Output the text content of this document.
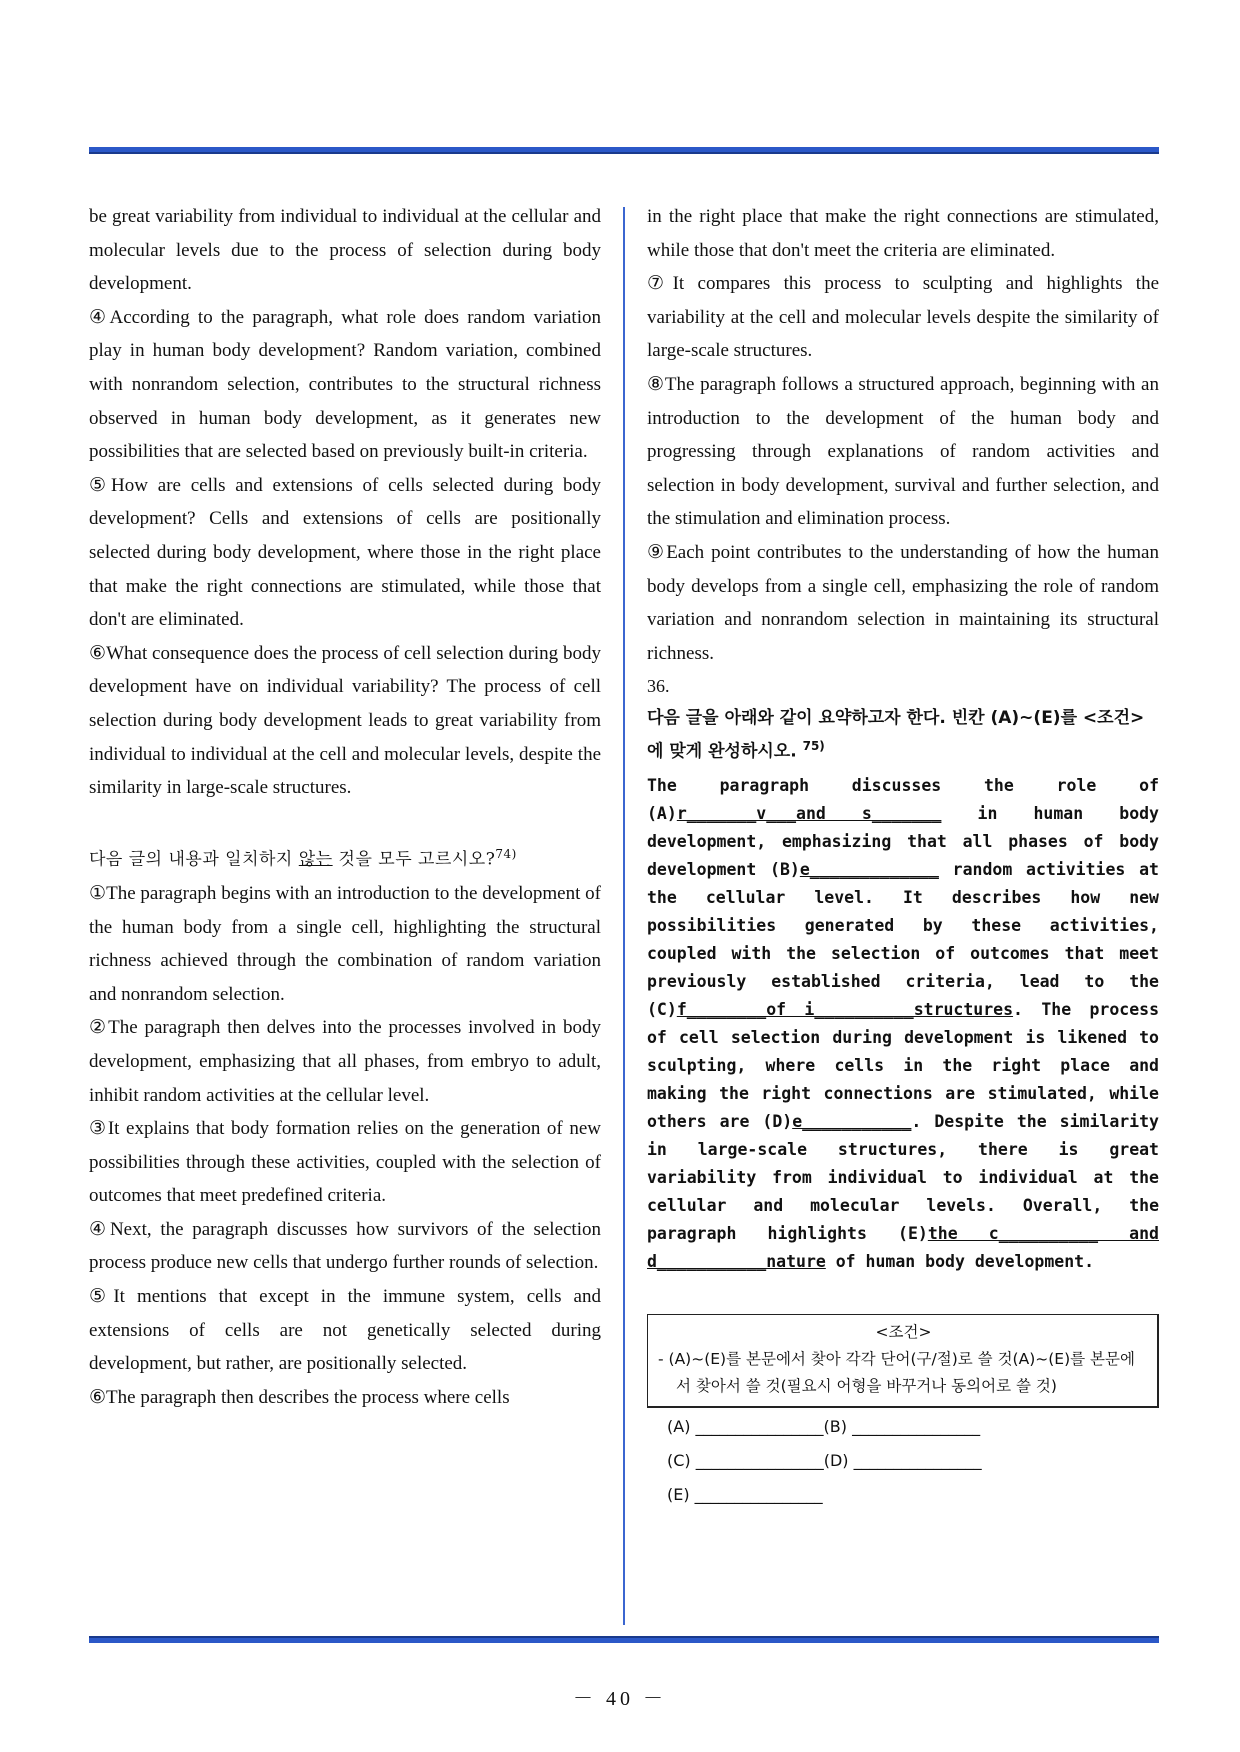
be great variability from individual to individual at the cellular and molecular levels due to the process of selection during body development.

④According to the paragraph, what role does random variation play in human body development? Random variation, combined with nonrandom selection, contributes to the structural richness observed in human body development, as it generates new possibilities that are selected based on previously built-in criteria.

⑤How are cells and extensions of cells selected during body development? Cells and extensions of cells are positionally selected during body development, where those in the right place that make the right connections are stimulated, while those that don't are eliminated.

⑥What consequence does the process of cell selection during body development have on individual variability? The process of cell selection during body development leads to great variability from individual to individual at the cell and molecular levels, despite the similarity in large-scale structures.

다음 글의 내용과 일치하지 않는 것을 모두 고르시오?$^{74)}$

①The paragraph begins with an introduction to the development of the human body from a single cell, highlighting the structural richness achieved through the combination of random variation and nonrandom selection.

②The paragraph then delves into the processes involved in body development, emphasizing that all phases, from embryo to adult, inhibit random activities at the cellular level.

③It explains that body formation relies on the generation of new possibilities through these activities, coupled with the selection of outcomes that meet predefined criteria.

④Next, the paragraph discusses how survivors of the selection process produce new cells that undergo further rounds of selection.

⑤It mentions that except in the immune system, cells and extensions of cells are not genetically selected during development, but rather, are positionally selected.

⑥The paragraph then describes the process where cells

in the right place that make the right connections are stimulated, while those that don't meet the criteria are eliminated.

⑦It compares this process to sculpting and highlights the variability at the cell and molecular levels despite the similarity of large-scale structures.

⑧The paragraph follows a structured approach, beginning with an introduction to the development of the human body and progressing through explanations of random activities and selection in body development, survival and further selection, and the stimulation and elimination process.

⑨Each point contributes to the understanding of how the human body develops from a single cell, emphasizing the role of random variation and nonrandom selection in maintaining its structural richness.

36.

다음 글을 아래와 같이 요약하고자 한다. 빈칸 (A)~(E)를 <조건>에 맞게 완성하시오. $^{75)}$

The paragraph discusses the role of (A)r_______v___and s_______ in human body development, emphasizing that all phases of body development (B)e_____________ random activities at the cellular level. It describes how new possibilities generated by these activities, coupled with the selection of outcomes that meet previously established criteria, lead to the (C)f________of i__________structures. The process of cell selection during development is likened to sculpting, where cells in the right place and making the right connections are stimulated, while others are (D)e___________. Despite the similarity in large-scale structures, there is great variability from individual to individual at the cellular and molecular levels. Overall, the paragraph highlights (E)the c__________ and d___________nature of human body development.
<조건>
- (A)~(E)를 본문에서 찾아 각각 단어(구/절)로 쓸 것(A)~(E)를 본문에서 찾아서 쓸 것(필요시 어형을 바꾸거나 동의어로 쓸 것)
(A) ________________(B) ________________
(C) ________________(D) ________________
(E) ________________
－ 40 －
